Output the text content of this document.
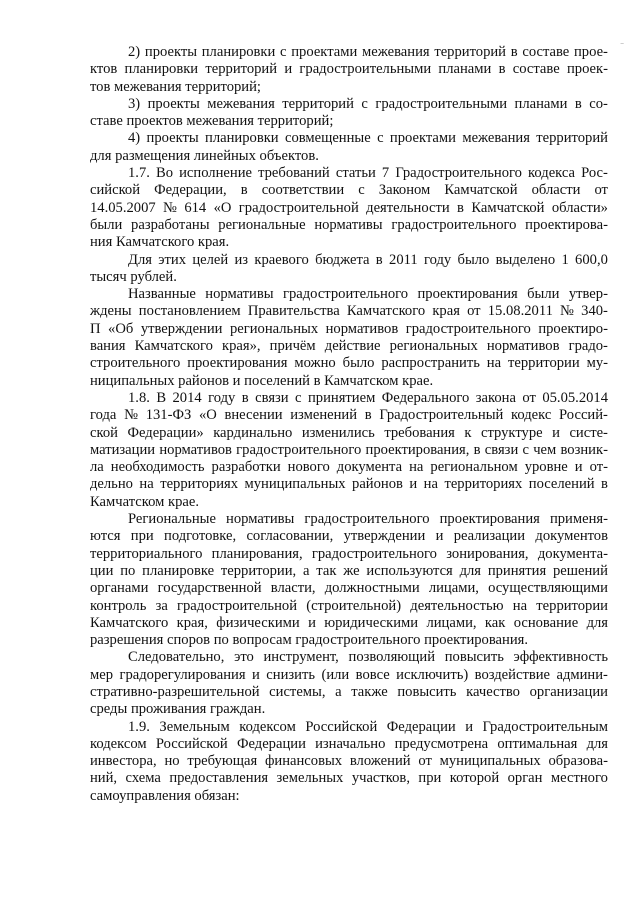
⁻
2) проекты планировки с проектами межевания территорий в составе прое-
ктов планировки территорий и градостроительными планами в составе проек-
тов межевания территорий;
3) проекты межевания территорий с градостроительными планами в со-
ставе проектов межевания территорий;
4) проекты планировки совмещенные с проектами межевания территорий
для размещения линейных объектов.
1.7. Во исполнение требований статьи 7 Градостроительного кодекса Рос-
сийской Федерации, в соответствии с Законом Камчатской области от
14.05.2007 № 614 «О градостроительной деятельности в Камчатской области»
были разработаны региональные нормативы градостроительного проектирова-
ния Камчатского края.
Для этих целей из краевого бюджета в 2011 году было выделено 1 600,0
тысяч рублей.
Названные нормативы градостроительного проектирования были утвер-
ждены постановлением Правительства Камчатского края от 15.08.2011 № 340-
П «Об утверждении региональных нормативов градостроительного проектиро-
вания Камчатского края», причём действие региональных нормативов градо-
строительного проектирования можно было распространить на территории му-
ниципальных районов и поселений в Камчатском крае.
1.8. В 2014 году в связи с принятием Федерального закона от 05.05.2014
года № 131-ФЗ «О внесении изменений в Градостроительный кодекс Россий-
ской Федерации» кардинально изменились требования к структуре и систе-
матизации нормативов градостроительного проектирования, в связи с чем возник-
ла необходимость разработки нового документа на региональном уровне и от-
дельно на территориях муниципальных районов и на территориях поселений в
Камчатском крае.
Региональные нормативы градостроительного проектирования применя-
ются при подготовке, согласовании, утверждении и реализации документов
территориального планирования, градостроительного зонирования, документа-
ции по планировке территории, а так же используются для принятия решений
органами государственной власти, должностными лицами, осуществляющими
контроль за градостроительной (строительной) деятельностью на территории
Камчатского края, физическими и юридическими лицами, как основание для
разрешения споров по вопросам градостроительного проектирования.
Следовательно, это инструмент, позволяющий повысить эффективность
мер градорегулирования и снизить (или вовсе исключить) воздействие админи-
стративно-разрешительной системы, а также повысить качество организации
среды проживания граждан.
1.9. Земельным кодексом Российской Федерации и Градостроительным
кодексом Российской Федерации изначально предусмотрена оптимальная для
инвестора, но требующая финансовых вложений от муниципальных образова-
ний, схема предоставления земельных участков, при которой орган местного
самоуправления обязан:
